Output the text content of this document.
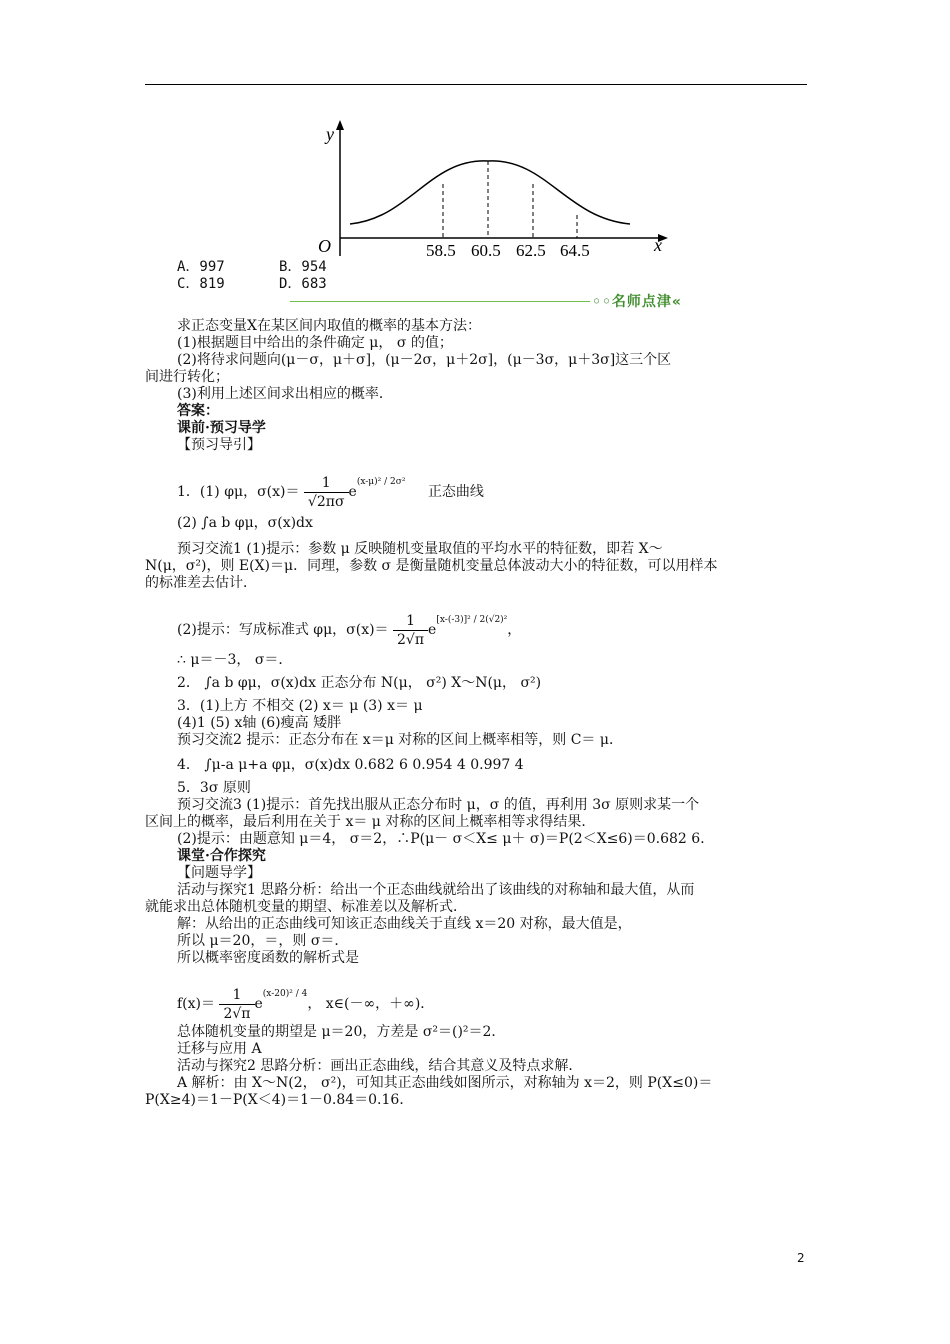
y
O	x
58.5 60.5 62.5 64.5
A．997	B．954
C．819	D．683
◦◦名师点津«
求正态变量X在某区间内取值的概率的基本方法：
(1)根据题目中给出的条件确定 μ， σ 的值；
(2)将待求问题向(μ－σ，μ＋σ]，(μ－2σ，μ＋2σ]，(μ－3σ，μ＋3σ]这三个区
间进行转化；
(3)利用上述区间求出相应的概率．
答案：
课前·预习导学
【预习导引】
1．(1) φμ，$\sigma(x)= \frac{1}{√2\pi\sigma} e^{(x-\mu)^2 / 2\sigma^2}$ 正态曲线
(2) ∫a b φμ，σ(x)dx
预习交流1 (1)提示：参数 μ 反映随机变量取值的平均水平的特征数，即若 X～
N(μ，σ²)，则 E(X)＝μ．同理，参数 σ 是衡量随机变量总体波动大小的特征数，可以用样本
的标准差去估计．
(2)提示：写成标准式 φμ，$\sigma(x)= \frac{1}{2√\pi} e^{[x-(-3)]^2 / 2(√2)^2}$，
∴ μ＝－3， σ＝．
2． ∫a b φμ，σ(x)dx 正态分布 N(μ， σ²) X～N(μ， σ²)
3．(1)上方 不相交 (2) x＝ μ (3) x＝ μ
(4)1 (5) x轴 (6)瘦高 矮胖
预习交流2 提示：正态分布在 x＝μ 对称的区间上概率相等，则 C＝ μ．
4． ∫μ-a μ+a φμ，σ(x)dx 0.682 6 0.954 4 0.997 4
5．3σ 原则
预习交流3 (1)提示：首先找出服从正态分布时 μ，σ 的值，再利用 3σ 原则求某一个
区间上的概率，最后利用在关于 x＝ μ 对称的区间上概率相等求得结果．
(2)提示：由题意知 μ＝4， σ＝2，∴P(μ－ σ＜X≤ μ＋ σ)＝P(2＜X≤6)＝0.682 6．
课堂·合作探究
【问题导学】
活动与探究1 思路分析：给出一个正态曲线就给出了该曲线的对称轴和最大值，从而
就能求出总体随机变量的期望、标准差以及解析式．
解：从给出的正态曲线可知该正态曲线关于直线 x＝20 对称，最大值是，
所以 μ＝20，＝，则 σ＝．
所以概率密度函数的解析式是
$f(x)= \frac{1}{2√\pi} e^{(x-20)^2 / 4}$， x∈(－∞，＋∞)．
总体随机变量的期望是 μ＝20，方差是 σ²＝()²＝2．
迁移与应用 A
活动与探究2 思路分析：画出正态曲线，结合其意义及特点求解．
A 解析：由 X～N(2， σ²)，可知其正态曲线如图所示，对称轴为 x＝2，则 P(X≤0)＝
P(X≥4)＝1－P(X＜4)＝1－0.84＝0.16．
2
